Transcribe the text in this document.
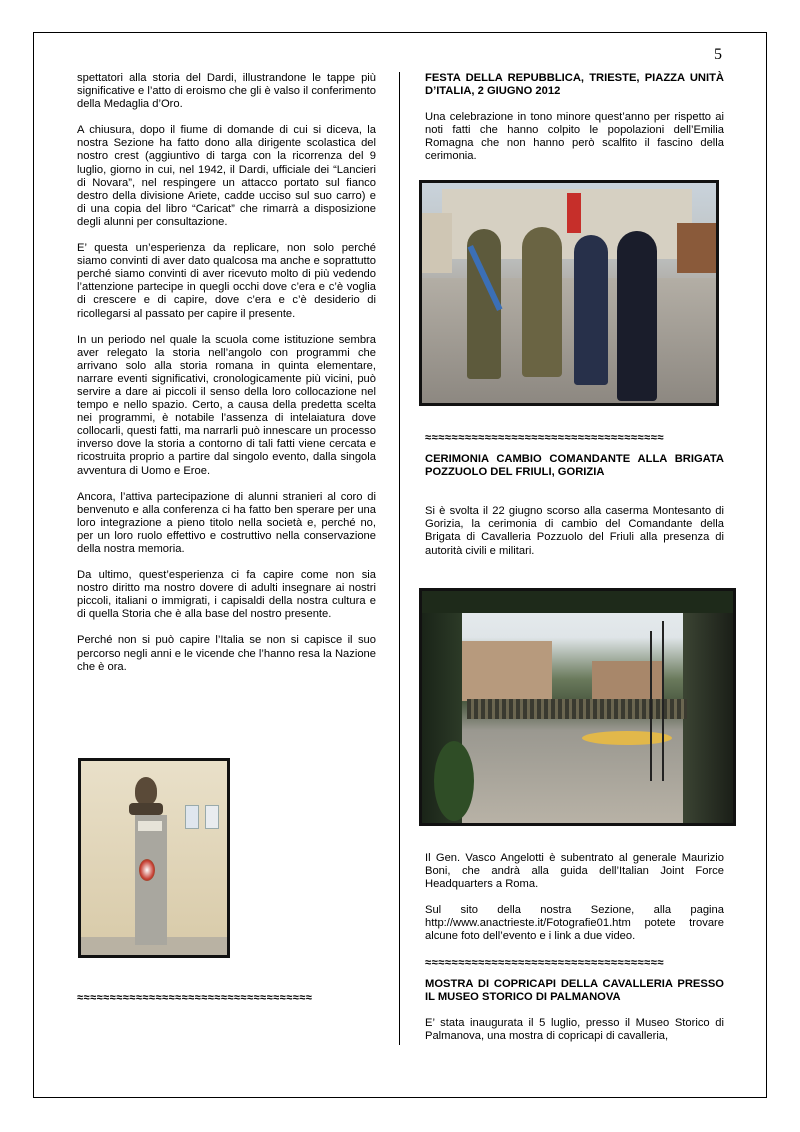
5

spettatori alla storia del Dardi, illustrandone le tappe più significative e l’atto di eroismo che gli è valso il conferimento della Medaglia d’Oro.

A chiusura, dopo il fiume di domande di cui si diceva, la nostra Sezione ha fatto dono alla dirigente scolastica del nostro crest (aggiuntivo di targa con la ricorrenza del 9 luglio, giorno in cui, nel 1942, il Dardi, ufficiale dei “Lancieri di Novara”, nel respingere un attacco portato sul fianco destro della divisione Ariete, cadde ucciso sul suo carro) e di una copia del libro “Caricat” che rimarrà a disposizione degli alunni per consultazione.

E’ questa un’esperienza da replicare, non solo perché siamo convinti di aver dato qualcosa ma anche e soprattutto perché siamo convinti di aver ricevuto molto di più vedendo l’attenzione partecipe in quegli occhi dove c’era e c’è voglia di crescere e di capire, dove c’era e c’è desiderio di ricollegarsi al passato per capire il presente.

In un periodo nel quale la scuola come istituzione sembra aver relegato la storia nell’angolo con programmi che arrivano solo alla storia romana in quinta elementare, narrare eventi significativi, cronologicamente più vicini, può servire a dare ai piccoli il senso della loro collocazione nel tempo e nello spazio. Certo, a causa della predetta scelta nei programmi, è notabile l’assenza di intelaiatura dove collocarli, questi fatti, ma narrarli può innescare un processo inverso dove la storia a contorno di tali fatti viene cercata e ricostruita proprio a partire dal singolo evento, dalla singola avventura di Uomo e Eroe.

Ancora, l’attiva partecipazione di alunni stranieri al coro di benvenuto e alla conferenza ci ha fatto ben sperare per una loro integrazione a pieno titolo nella società e, perché no, per un loro ruolo effettivo e costruttivo nella conservazione della nostra memoria.

Da ultimo, quest’esperienza ci fa capire come non sia nostro diritto ma nostro dovere di adulti insegnare ai nostri piccoli, italiani o immigrati, i capisaldi della nostra cultura e di quella Storia che è alla base del nostro presente.

Perché non si può capire l’Italia se non si capisce il suo percorso negli anni e le vicende che l’hanno resa la Nazione che è ora.

≈≈≈≈≈≈≈≈≈≈≈≈≈≈≈≈≈≈≈≈≈≈≈≈≈≈≈≈≈≈≈≈≈≈≈≈
FESTA DELLA REPUBBLICA, TRIESTE, PIAZZA UNITÀ D’ITALIA, 2 GIUGNO 2012

Una celebrazione in tono minore quest’anno per rispetto ai noti fatti che hanno colpito le popolazioni dell’Emilia Romagna che non hanno però scalfito il fascino della cerimonia.

≈≈≈≈≈≈≈≈≈≈≈≈≈≈≈≈≈≈≈≈≈≈≈≈≈≈≈≈≈≈≈≈≈≈≈≈
CERIMONIA CAMBIO COMANDANTE ALLA BRIGATA POZZUOLO DEL FRIULI, GORIZIA

Si è svolta il 22 giugno scorso alla caserma Montesanto di Gorizia, la cerimonia di cambio del Comandante della Brigata di Cavalleria Pozzuolo del Friuli alla presenza di autorità civili e militari.

Il Gen. Vasco Angelotti è subentrato al generale Maurizio Boni, che andrà alla guida dell’Italian Joint Force Headquarters a Roma.

Sul sito della nostra Sezione, alla pagina http://www.anactrieste.it/Fotografie01.htm potete trovare alcune foto dell’evento e i link a due video.

≈≈≈≈≈≈≈≈≈≈≈≈≈≈≈≈≈≈≈≈≈≈≈≈≈≈≈≈≈≈≈≈≈≈≈≈
MOSTRA DI COPRICAPI DELLA CAVALLERIA PRESSO IL MUSEO STORICO DI PALMANOVA

E’ stata inaugurata il 5 luglio, presso il Museo Storico di Palmanova, una mostra di copricapi di cavalleria,
